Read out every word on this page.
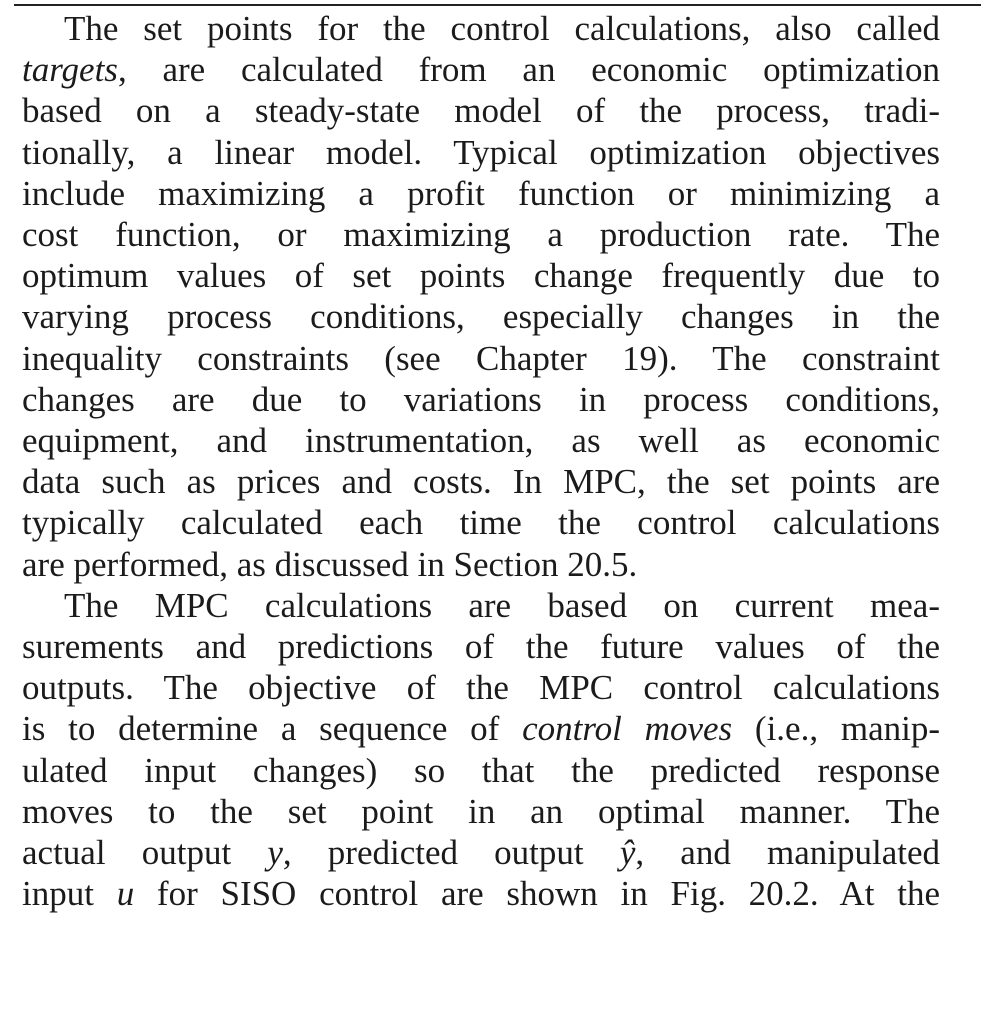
The set points for the control calculations, also called
targets, are calculated from an economic optimization
based on a steady-state model of the process, tradi-
tionally, a linear model. Typical optimization objectives
include maximizing a profit function or minimizing a
cost function, or maximizing a production rate. The
optimum values of set points change frequently due to
varying process conditions, especially changes in the
inequality constraints (see Chapter 19). The constraint
changes are due to variations in process conditions,
equipment, and instrumentation, as well as economic
data such as prices and costs. In MPC, the set points are
typically calculated each time the control calculations
are performed, as discussed in Section 20.5.
The MPC calculations are based on current mea-
surements and predictions of the future values of the
outputs. The objective of the MPC control calculations
is to determine a sequence of control moves (i.e., manip-
ulated input changes) so that the predicted response
moves to the set point in an optimal manner. The
actual output y, predicted output ŷ, and manipulated
input u for SISO control are shown in Fig. 20.2. At the
